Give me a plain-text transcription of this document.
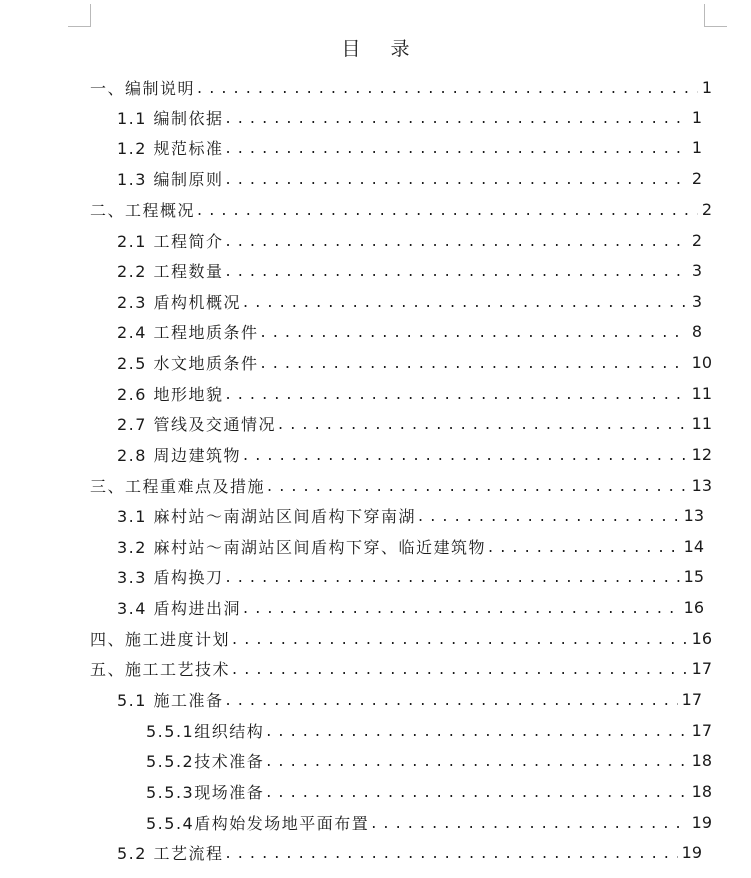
目 录
一、编制说明 . . .	1
1.1 编制依据 . . .	1
1.2 规范标准 . . .	1
1.3 编制原则 . . .	2
二、工程概况 . . .	2
2.1 工程简介 . . .	2
2.2 工程数量 . . .	3
2.3 盾构机概况 . . .	3
2.4 工程地质条件 . . .	8
2.5 水文地质条件 . . .	10
2.6 地形地貌 . . .	11
2.7 管线及交通情况 . . .	11
2.8 周边建筑物 . . .	12
三、工程重难点及措施 . . .	13
3.1 麻村站～南湖站区间盾构下穿南湖 . . .	13
3.2 麻村站～南湖站区间盾构下穿、临近建筑物 . . .	14
3.3 盾构换刀 . . .	15
3.4 盾构进出洞 . . .	16
四、施工进度计划 . . .	16
五、施工工艺技术 . . .	17
5.1 施工准备 . . .	17
5.5.1组织结构 . . .	17
5.5.2技术准备 . . .	18
5.5.3现场准备 . . .	18
5.5.4盾构始发场地平面布置 . . .	19
5.2 工艺流程 . . .	19
